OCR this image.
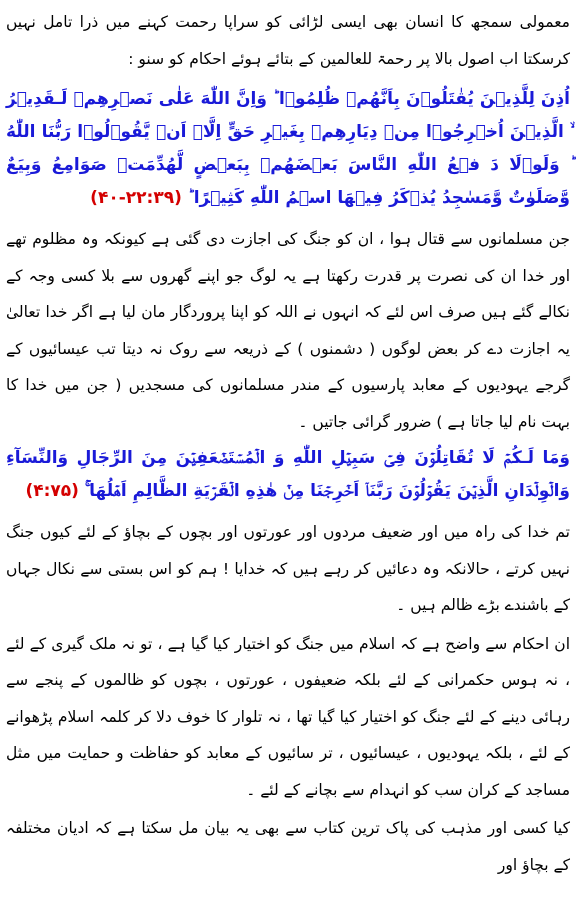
معمولی سمجھ کا انسان بھی ایسی لڑائی کو سراپا رحمت کہنے میں ذرا تامل نہیں کرسکتا اب اصول بالا پر رحمۃ للعالمین کے بتائے ہوئے احکام کو سنو :

اُذِنَ لِلَّذِيۡنَ يُقٰتَلُوۡنَ بِاَنَّهُمۡ ظُلِمُوۡا‌ ؕ وَاِنَّ اللّٰهَ عَلٰى نَصۡرِهِمۡ لَـقَدِيۡرُ ۙ الَّذِيۡنَ اُخۡرِجُوۡا مِنۡ دِيَارِهِمۡ بِغَيۡرِ حَقٍّ اِلَّاۤ اَنۡ يَّقُوۡلُوۡا رَبُّنَا اللّٰهُ‌ ؕ وَلَوۡلَا دَ فۡعُ اللّٰهِ النَّاسَ بَعۡضَهُمۡ بِبَعۡضٍ لَّهُدِّمَتۡ صَوَامِعُ وَبِيَعٌ وَّصَلَوٰتٌ وَّمَسٰجِدُ يُذۡكَرُ فِيۡهَا اسۡمُ اللّٰهِ كَثِيۡرًا‌ ؕ (۲۲:۳۹-۴۰)

جن مسلمانوں سے قتال ہوا ، ان کو جنگ کی اجازت دی گئی ہے کیونکہ وہ مظلوم تھے اور خدا ان کی نصرت پر قدرت رکھتا ہے یہ لوگ جو اپنے گھروں سے بلا کسی وجہ کے نکالے گئے ہیں صرف اس لئے کہ انہوں نے اللہ کو اپنا پروردگار مان لیا ہے اگر خدا تعالیٰ یہ اجازت دے کر بعض لوگوں ( دشمنوں ) کے ذریعہ سے روک نہ دیتا تب عیسائیوں کے گرجے یہودیوں کے معابد پارسیوں کے مندر مسلمانوں کی مسجدیں ( جن میں خدا کا بہت نام لیا جاتا ہے ) ضرور گرائی جاتیں ۔

وَمَا لَـكُمۡ لَا تُقَاتِلُوۡنَ فِىۡ سَبِيۡلِ اللّٰهِ وَ الۡمُسۡتَضۡعَفِيۡنَ مِنَ الرِّجَالِ وَالنِّسَآءِ وَالۡوِلۡدَانِ الَّذِيۡنَ يَقُوۡلُوۡنَ رَبَّنَاۤ اَخۡرِجۡنَا مِنۡ هٰذِهِ الۡقَرۡيَةِ الظَّالِمِ اَهۡلُهَا‌ ۚ (۴:۷۵)

تم خدا کی راہ میں اور ضعیف مردوں اور عورتوں اور بچوں کے بچاؤ کے لئے کیوں جنگ نہیں کرتے ، حالانکہ وہ دعائیں کر رہے ہیں کہ خدایا ! ہم کو اس بستی سے نکال جہاں کے باشندے بڑے ظالم ہیں ۔

ان احکام سے واضح ہے کہ اسلام میں جنگ کو اختیار کیا گیا ہے ، تو نہ ملک گیری کے لئے ، نہ ہوس حکمرانی کے لئے بلکہ ضعیفوں ، عورتوں ، بچوں کو ظالموں کے پنجے سے رہائی دینے کے لئے جنگ کو اختیار کیا گیا تھا ، نہ تلوار کا خوف دلا کر کلمہ اسلام پڑھوانے کے لئے ، بلکہ یہودیوں ، عیسائیوں ، تر سائیوں کے معابد کو حفاظت و حمایت میں مثل مساجد کے کران سب کو انہدام سے بچانے کے لئے ۔

کیا کسی اور مذہب کی پاک ترین کتاب سے بھی یہ بیان مل سکتا ہے کہ ادیان مختلفہ کے بچاؤ اور
